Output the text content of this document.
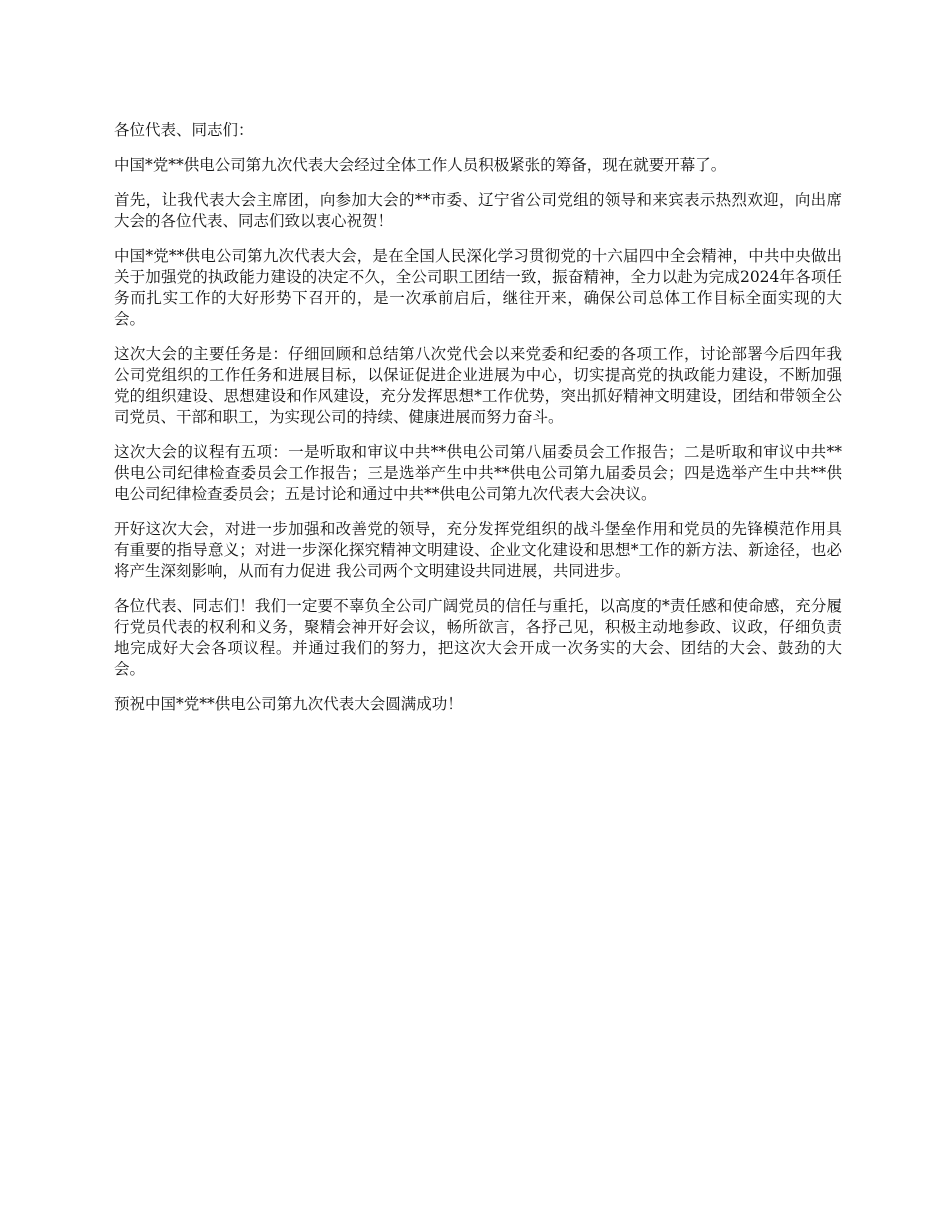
各位代表、同志们：

中国*党**供电公司第九次代表大会经过全体工作人员积极紧张的筹备，现在就要开幕了。

首先，让我代表大会主席团，向参加大会的**市委、辽宁省公司党组的领导和来宾表示热烈欢迎，向出席大会的各位代表、同志们致以衷心祝贺！

中国*党**供电公司第九次代表大会，是在全国人民深化学习贯彻党的十六届四中全会精神，中共中央做出关于加强党的执政能力建设的决定不久，全公司职工团结一致，振奋精神，全力以赴为完成2024年各项任务而扎实工作的大好形势下召开的，是一次承前启后，继往开来，确保公司总体工作目标全面实现的大会。

这次大会的主要任务是：仔细回顾和总结第八次党代会以来党委和纪委的各项工作，讨论部署今后四年我公司党组织的工作任务和进展目标，以保证促进企业进展为中心，切实提高党的执政能力建设，不断加强党的组织建设、思想建设和作风建设，充分发挥思想*工作优势，突出抓好精神文明建设，团结和带领全公司党员、干部和职工，为实现公司的持续、健康进展而努力奋斗。

这次大会的议程有五项：一是听取和审议中共**供电公司第八届委员会工作报告；二是听取和审议中共**供电公司纪律检查委员会工作报告；三是选举产生中共**供电公司第九届委员会；四是选举产生中共**供电公司纪律检查委员会；五是讨论和通过中共**供电公司第九次代表大会决议。

开好这次大会，对进一步加强和改善党的领导，充分发挥党组织的战斗堡垒作用和党员的先锋模范作用具有重要的指导意义；对进一步深化探究精神文明建设、企业文化建设和思想*工作的新方法、新途径，也必将产生深刻影响，从而有力促进 我公司两个文明建设共同进展，共同进步。

各位代表、同志们！我们一定要不辜负全公司广阔党员的信任与重托，以高度的*责任感和使命感，充分履行党员代表的权利和义务，聚精会神开好会议，畅所欲言，各抒己见，积极主动地参政、议政，仔细负责地完成好大会各项议程。并通过我们的努力，把这次大会开成一次务实的大会、团结的大会、鼓劲的大会。

预祝中国*党**供电公司第九次代表大会圆满成功！
